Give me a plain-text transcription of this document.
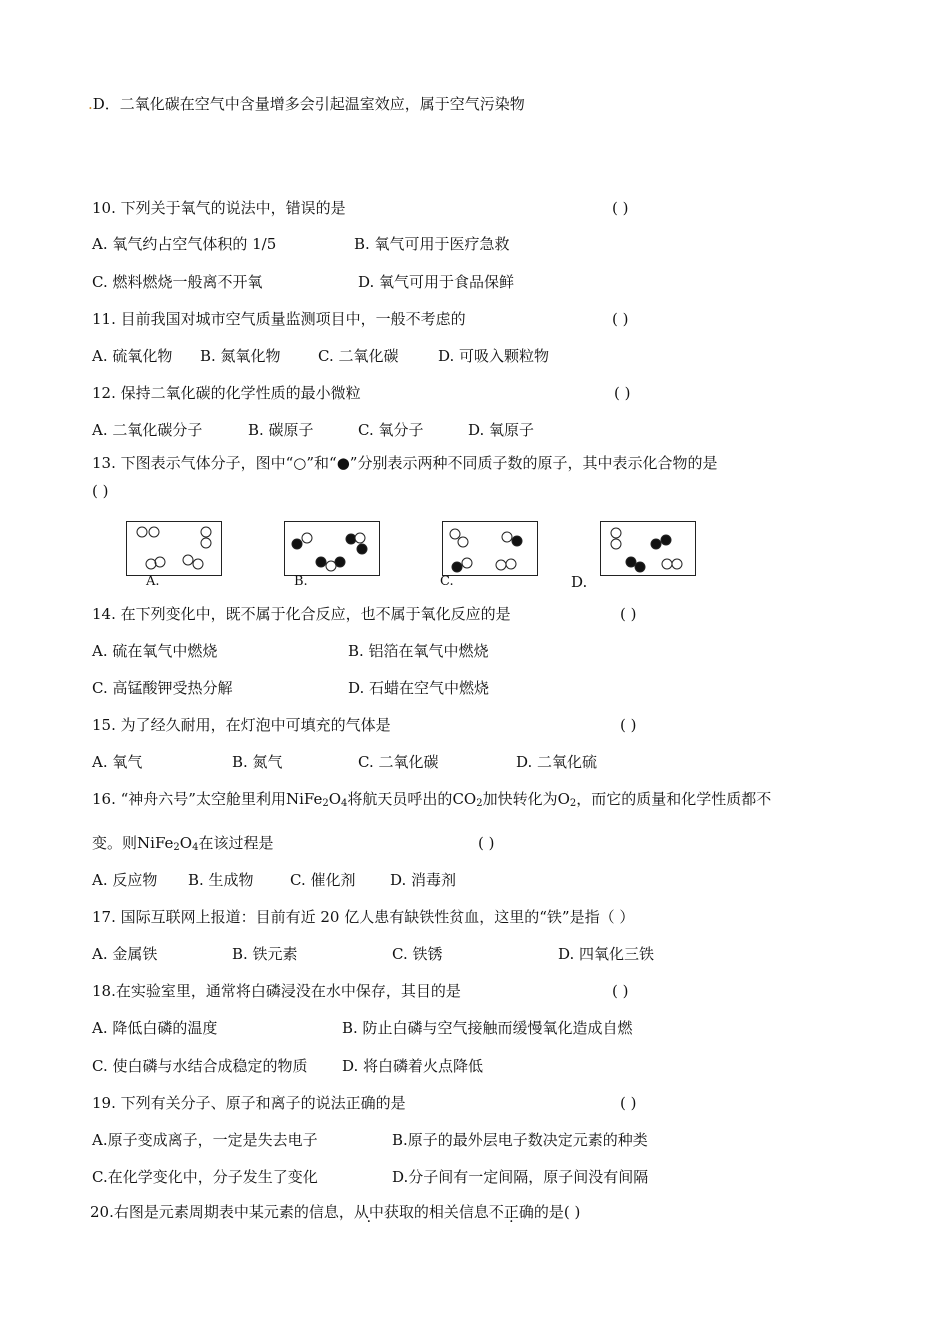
.D．二氧化碳在空气中含量增多会引起温室效应，属于空气污染物
10. 下列关于氧气的说法中，错误的是	( )
A. 氧气约占空气体积的 1/5	B. 氧气可用于医疗急救
C. 燃料燃烧一般离不开氧	D. 氧气可用于食品保鲜
11. 目前我国对城市空气质量监测项目中，一般不考虑的	( )
A. 硫氧化物 B. 氮氧化物 C. 二氧化碳	D. 可吸入颗粒物
12. 保持二氧化碳的化学性质的最小微粒	( )
A. 二氧化碳分子	B. 碳原子	C. 氧分子	D. 氧原子
13. 下图表示气体分子，图中“○”和“●”分别表示两种不同质子数的原子，其中表示化合物的是
( )
A.	B.	C.	D.
14. 在下列变化中，既不属于化合反应，也不属于氧化反应的是	( )
A. 硫在氧气中燃烧	B. 铝箔在氧气中燃烧
C. 高锰酸钾受热分解	D. 石蜡在空气中燃烧
15. 为了经久耐用，在灯泡中可填充的气体是	( )
A. 氧气	B. 氮气	C. 二氧化碳	D. 二氧化硫
16. “神舟六号”太空舱里利用$NiFe_2O_4$将航天员呼出的$CO_2$加快转化为$O_2$，而它的质量和化学性质都不
变。则$NiFe_2O_4$在该过程是	( )
A. 反应物 B. 生成物 C. 催化剂 D. 消毒剂
17. 国际互联网上报道：目前有近 20 亿人患有缺铁性贫血，这里的“铁”是指（ ）
A. 金属铁	B. 铁元素	C. 铁锈	D. 四氧化三铁
18.在实验室里，通常将白磷浸没在水中保存，其目的是	( )
A. 降低白磷的温度	B. 防止白磷与空气接触而缓慢氧化造成自燃
C. 使白磷与水结合成稳定的物质 D. 将白磷着火点降低
19. 下列有关分子、原子和离子的说法正确的是	( )
A.原子变成离子，一定是失去电子	B.原子的最外层电子数决定元素的种类
C.在化学变化中，分子发生了变化	D.分子间有一定间隔，原子间没有间隔
20.右图是元素周期表中某元素的信息，从中获取的相关信息不正确的是( )
